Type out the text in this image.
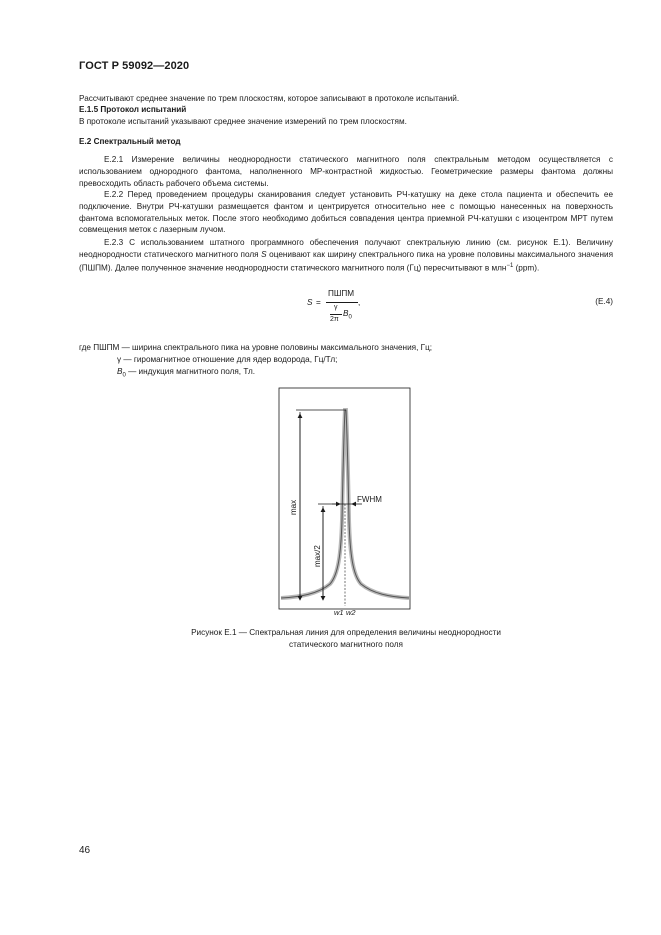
ГОСТ Р 59092—2020
Рассчитывают среднее значение по трем плоскостям, которое записывают в протоколе испытаний.
Е.1.5 Протокол испытаний
В протоколе испытаний указывают среднее значение измерений по трем плоскостям.
Е.2 Спектральный метод
Е.2.1 Измерение величины неоднородности статического магнитного поля спектральным методом осуществляется с использованием однородного фантома, наполненного МР-контрастной жидкостью. Геометрические размеры фантома должны превосходить область рабочего объема системы.
Е.2.2 Перед проведением процедуры сканирования следует установить РЧ-катушку на деке стола пациента и обеспечить ее подключение. Внутри РЧ-катушки размещается фантом и центрируется относительно нее с помощью нанесенных на поверхность фантома вспомогательных меток. После этого необходимо добиться совпадения центра приемной РЧ-катушки с изоцентром МРТ путем совмещения меток с лазерным лучом.
Е.2.3 С использованием штатного программного обеспечения получают спектральную линию (см. рисунок Е.1). Величину неоднородности статического магнитного поля S оценивают как ширину спектрального пика на уровне половины максимального значения (ПШПМ). Далее полученное значение неоднородности статического магнитного поля (Гц) пересчитывают в млн$^{-1}$ (ppm).
S =
ПШПМ
,
γ
2π
$B_0$
(Е.4)
где ПШПМ — ширина спектрального пика на уровне половины максимального значения, Гц;
γ — гиромагнитное отношение для ядер водорода, Гц/Тл;
$B_0$ — индукция магнитного поля, Тл.
max
max/2
FWHM
w1 w2
Рисунок Е.1 — Спектральная линия для определения величины неоднородности
статического магнитного поля
46
